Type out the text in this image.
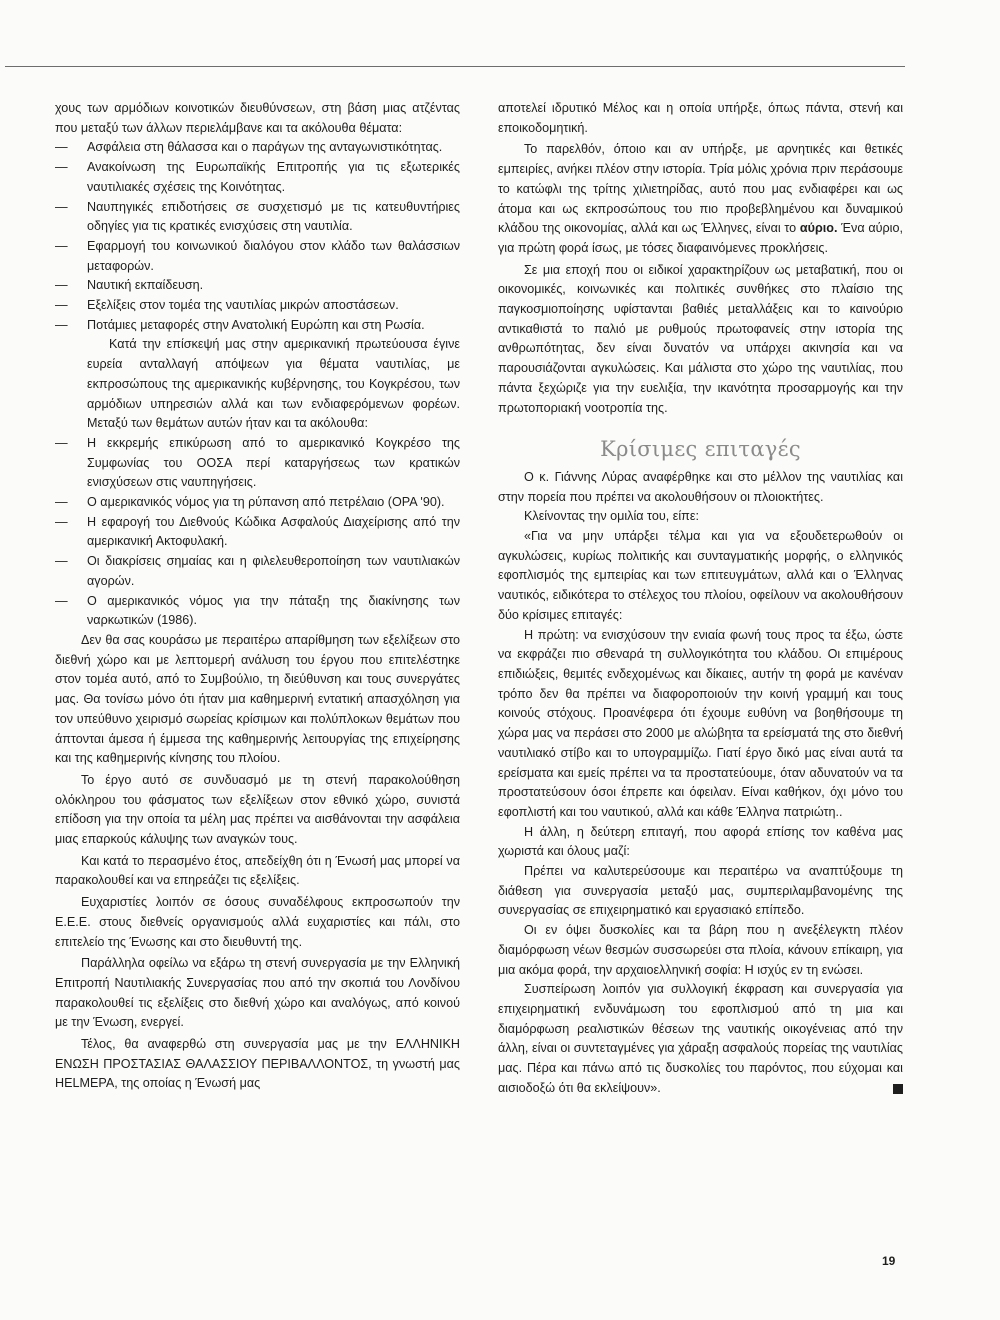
χους των αρμόδιων κοινοτικών διευθύνσεων, στη βάση μιας ατζέντας που μεταξύ των άλλων περιελάμβανε και τα ακόλουθα θέματα:

— Ασφάλεια στη θάλασσα και ο παράγων της ανταγωνιστικότητας.

— Ανακοίνωση της Ευρωπαϊκής Επιτροπής για τις εξωτερικές ναυτιλιακές σχέσεις της Κοινότητας.

— Ναυπηγικές επιδοτήσεις σε συσχετισμό με τις κατευθυντήριες οδηγίες για τις κρατικές ενισχύσεις στη ναυτιλία.

— Εφαρμογή του κοινωνικού διαλόγου στον κλάδο των θαλάσσιων μεταφορών.

— Ναυτική εκπαίδευση.

— Εξελίξεις στον τομέα της ναυτιλίας μικρών αποστάσεων.

— Ποτάμιες μεταφορές στην Ανατολική Ευρώπη και στη Ρωσία.

Κατά την επίσκεψή μας στην αμερικανική πρωτεύουσα έγινε ευρεία ανταλλαγή απόψεων για θέματα ναυτιλίας, με εκπροσώπους της αμερικανικής κυβέρνησης, του Κογκρέσου, των αρμόδιων υπηρεσιών αλλά και των ενδιαφερόμενων φορέων. Μεταξύ των θεμάτων αυτών ήταν και τα ακόλουθα:

— Η εκκρεμής επικύρωση από το αμερικανικό Κογκρέσο της Συμφωνίας του ΟΟΣΑ περί καταργήσεως των κρατικών ενισχύσεων στις ναυπηγήσεις.

— Ο αμερικανικός νόμος για τη ρύπανση από πετρέλαιο (ΟΡΑ '90).

— Η εφαρογή του Διεθνούς Κώδικα Ασφαλούς Διαχείρισης από την αμερικανική Ακτοφυλακή.

— Οι διακρίσεις σημαίας και η φιλελευθεροποίηση των ναυτιλιακών αγορών.

— Ο αμερικανικός νόμος για την πάταξη της διακίνησης των ναρκωτικών (1986).

Δεν θα σας κουράσω με περαιτέρω απαρίθμηση των εξελίξεων στο διεθνή χώρο και με λεπτομερή ανάλυση του έργου που επιτελέστηκε στον τομέα αυτό, από το Συμβούλιο, τη διεύθυνση και τους συνεργάτες μας. Θα τονίσω μόνο ότι ήταν μια καθημερινή εντατική απασχόληση για τον υπεύθυνο χειρισμό σωρείας κρίσιμων και πολύπλοκων θεμάτων που άπτονται άμεσα ή έμμεσα της καθημερινής λειτουργίας της επιχείρησης και της καθημερινής κίνησης του πλοίου.

Το έργο αυτό σε συνδυασμό με τη στενή παρακολούθηση ολόκληρου του φάσματος των εξελίξεων στον εθνικό χώρο, συνιστά επίδοση για την οποία τα μέλη μας πρέπει να αισθάνονται την ασφάλεια μιας επαρκούς κάλυψης των αναγκών τους.

Και κατά το περασμένο έτος, απεδείχθη ότι η Ένωσή μας μπορεί να παρακολουθεί και να επηρεάζει τις εξελίξεις.

Ευχαριστίες λοιπόν σε όσους συναδέλφους εκπροσωπούν την Ε.Ε.Ε. στους διεθνείς οργανισμούς αλλά ευχαριστίες και πάλι, στο επιτελείο της Ένωσης και στο διευθυντή της.

Παράλληλα οφείλω να εξάρω τη στενή συνεργασία με την Ελληνική Επιτροπή Ναυτιλιακής Συνεργασίας που από την σκοπιά του Λονδίνου παρακολουθεί τις εξελίξεις στο διεθνή χώρο και αναλόγως, από κοινού με την Ένωση, ενεργεί.

Τέλος, θα αναφερθώ στη συνεργασία μας με την ΕΛΛΗΝΙΚΗ ΕΝΩΣΗ ΠΡΟΣΤΑΣΙΑΣ ΘΑΛΑΣΣΙΟΥ ΠΕΡΙΒΑΛΛΟΝΤΟΣ, τη γνωστή μας HELMEPA, της οποίας η Ένωσή μας

αποτελεί ιδρυτικό Μέλος και η οποία υπήρξε, όπως πάντα, στενή και εποικοδομητική.

Το παρελθόν, όποιο και αν υπήρξε, με αρνητικές και θετικές εμπειρίες, ανήκει πλέον στην ιστορία. Τρία μόλις χρόνια πριν περάσουμε το κατώφλι της τρίτης χιλιετηρίδας, αυτό που μας ενδιαφέρει και ως άτομα και ως εκπροσώπους του πιο προβεβλημένου και δυναμικού κλάδου της οικονομίας, αλλά και ως Έλληνες, είναι το αύριο. Ένα αύριο, για πρώτη φορά ίσως, με τόσες διαφαινόμενες προκλήσεις.

Σε μια εποχή που οι ειδικοί χαρακτηρίζουν ως μεταβατική, που οι οικονομικές, κοινωνικές και πολιτικές συνθήκες στο πλαίσιο της παγκοσμιοποίησης υφίστανται βαθιές μεταλλάξεις και το καινούριο αντικαθιστά το παλιό με ρυθμούς πρωτοφανείς στην ιστορία της ανθρωπότητας, δεν είναι δυνατόν να υπάρχει ακινησία και να παρουσιάζονται αγκυλώσεις. Και μάλιστα στο χώρο της ναυτιλίας, που πάντα ξεχώριζε για την ευελιξία, την ικανότητα προσαρμογής και την πρωτοποριακή νοοτροπία της.

Κρίσιμες επιταγές

Ο κ. Γιάννης Λύρας αναφέρθηκε και στο μέλλον της ναυτιλίας και στην πορεία που πρέπει να ακολουθήσουν οι πλοιοκτήτες.

Κλείνοντας την ομιλία του, είπε:

«Για να μην υπάρξει τέλμα και για να εξουδετερωθούν οι αγκυλώσεις, κυρίως πολιτικής και συνταγματικής μορφής, ο ελληνικός εφοπλισμός της εμπειρίας και των επιτευγμάτων, αλλά και ο Έλληνας ναυτικός, ειδικότερα το στέλεχος του πλοίου, οφείλουν να ακολουθήσουν δύο κρίσιμες επιταγές:

Η πρώτη: να ενισχύσουν την ενιαία φωνή τους προς τα έξω, ώστε να εκφράζει πιο σθεναρά τη συλλογικότητα του κλάδου. Οι επιμέρους επιδιώξεις, θεμιτές ενδεχομένως και δίκαιες, αυτήν τη φορά με κανέναν τρόπο δεν θα πρέπει να διαφοροποιούν την κοινή γραμμή και τους κοινούς στόχους. Προανέφερα ότι έχουμε ευθύνη να βοηθήσουμε τη χώρα μας να περάσει στο 2000 με αλώβητα τα ερείσματά της στο διεθνή ναυτιλιακό στίβο και το υπογραμμίζω. Γιατί έργο δικό μας είναι αυτά τα ερείσματα και εμείς πρέπει να τα προστατεύουμε, όταν αδυνατούν να τα προστατεύσουν όσοι έπρεπε και όφειλαν. Είναι καθήκον, όχι μόνο του εφοπλιστή και του ναυτικού, αλλά και κάθε Έλληνα πατριώτη..

Η άλλη, η δεύτερη επιταγή, που αφορά επίσης τον καθένα μας χωριστά και όλους μαζί:

Πρέπει να καλυτερεύσουμε και περαιτέρω να αναπτύξουμε τη διάθεση για συνεργασία μεταξύ μας, συμπεριλαμβανομένης της συνεργασίας σε επιχειρηματικό και εργασιακό επίπεδο.

Οι εν όψει δυσκολίες και τα βάρη που η ανεξέλεγκτη πλέον διαμόρφωση νέων θεσμών συσσωρεύει στα πλοία, κάνουν επίκαιρη, για μια ακόμα φορά, την αρχαιοελληνική σοφία: Η ισχύς εν τη ενώσει.

Συσπείρωση λοιπόν για συλλογική έκφραση και συνεργασία για επιχειρηματική ενδυνάμωση του εφοπλισμού από τη μια και διαμόρφωση ρεαλιστικών θέσεων της ναυτικής οικογένειας από την άλλη, είναι οι συντεταγμένες για χάραξη ασφαλούς πορείας της ναυτιλίας μας. Πέρα και πάνω από τις δυσκολίες του παρόντος, που εύχομαι και αισιοδοξώ ότι θα εκλείψουν».

19
